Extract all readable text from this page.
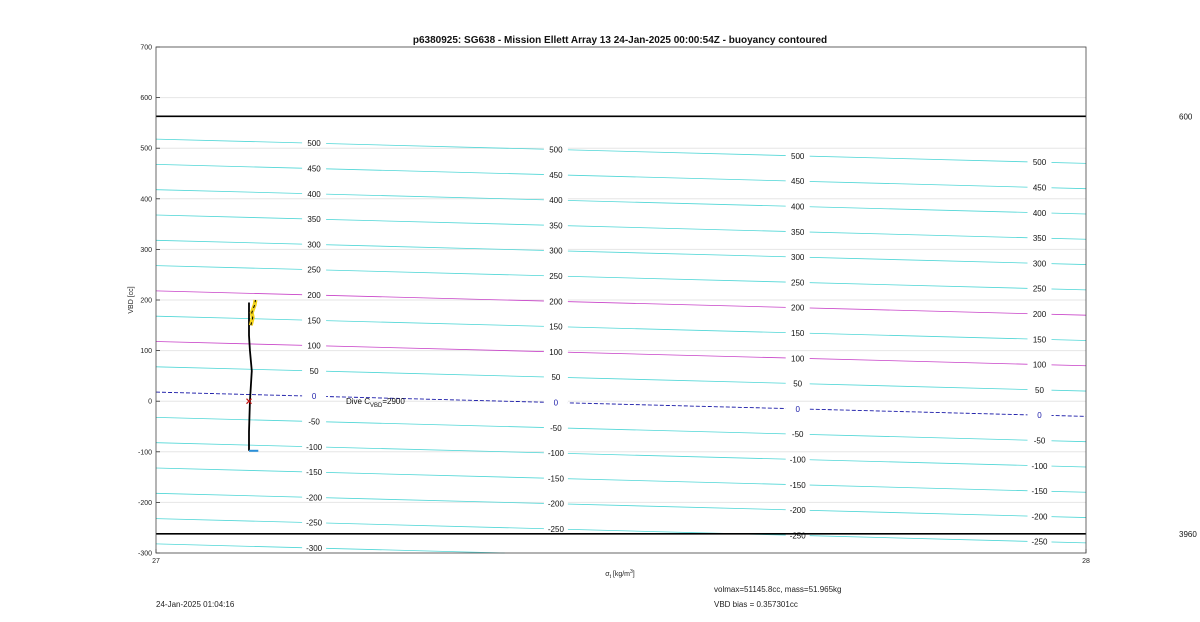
p6380925: SG638 - Mission Ellett Array 13 24-Jan-2025 00:00:54Z - buoyancy contoured
-300
-250
-250
-250
-250
-200
-200
-200
-200
-150
-150
-150
-150
-100
-100
-100
-100
-50
-50
-50
-50
0
0
0
0
50
50
50
50
100
100
100
100
150
150
150
150
200
200
200
200
250
250
250
250
300
300
300
300
350
350
350
350
400
400
400
400
450
450
450
450
500
500
500
500
600
3960
-300
-200
-100
0
100
200
300
400
500
600
700
27	28
Dive $C_{VBD}=2900$
VBD [cc]
$\sigma_t$ $[kg/m^3]$
24-Jan-2025 01:04:16
volmax=51145.8cc, mass=51.965kg
VBD bias = 0.357301cc
